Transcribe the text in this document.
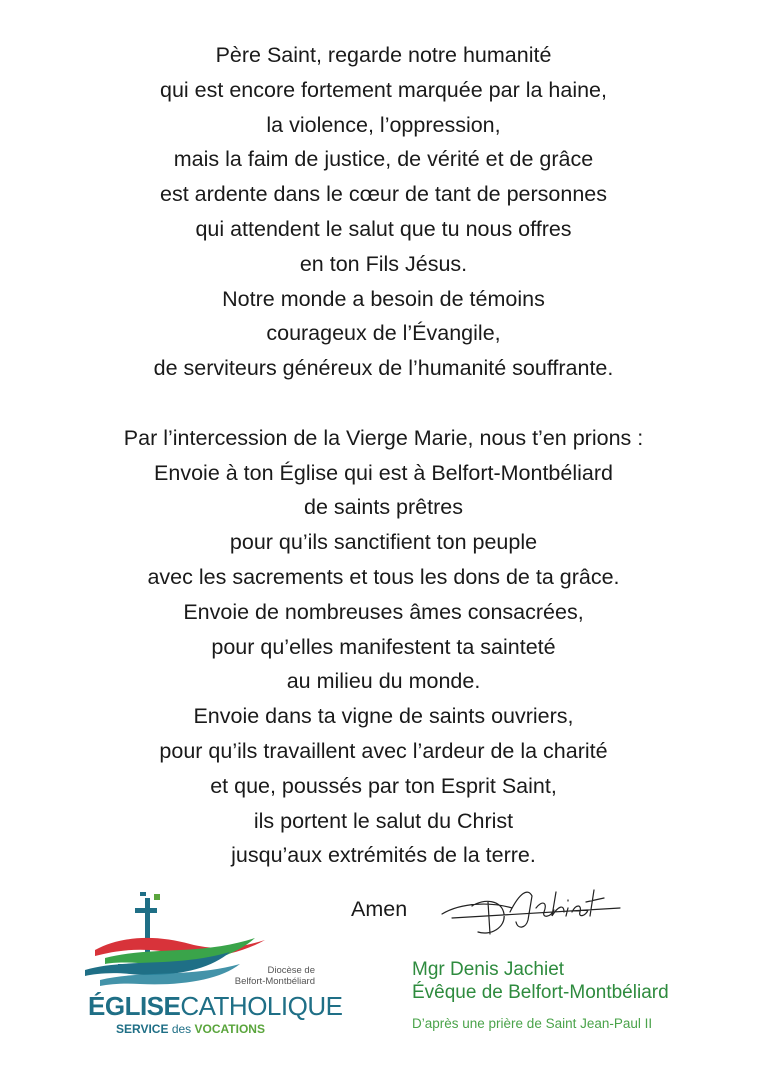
Père Saint, regarde notre humanité
qui est encore fortement marquée par la haine,
la violence, l’oppression,
mais la faim de justice, de vérité et de grâce
est ardente dans le cœur de tant de personnes
qui attendent le salut que tu nous offres
en ton Fils Jésus.
Notre monde a besoin de témoins
courageux de l’Évangile,
de serviteurs généreux de l’humanité souffrante.
Par l’intercession de la Vierge Marie, nous t’en prions :
Envoie à ton Église qui est à Belfort-Montbéliard
de saints prêtres
pour qu’ils sanctifient ton peuple
avec les sacrements et tous les dons de ta grâce.
Envoie de nombreuses âmes consacrées,
pour qu’elles manifestent ta sainteté
au milieu du monde.
Envoie dans ta vigne de saints ouvriers,
pour qu’ils travaillent avec l’ardeur de la charité
et que, poussés par ton Esprit Saint,
ils portent le salut du Christ
jusqu’aux extrémités de la terre.
Diocèse de
Belfort-Montbéliard
ÉGLISECATHOLIQUE
SERVICE des VOCATIONS
Amen
Mgr Denis Jachiet
Évêque de Belfort-Montbéliard
D’après une prière de Saint Jean-Paul II
